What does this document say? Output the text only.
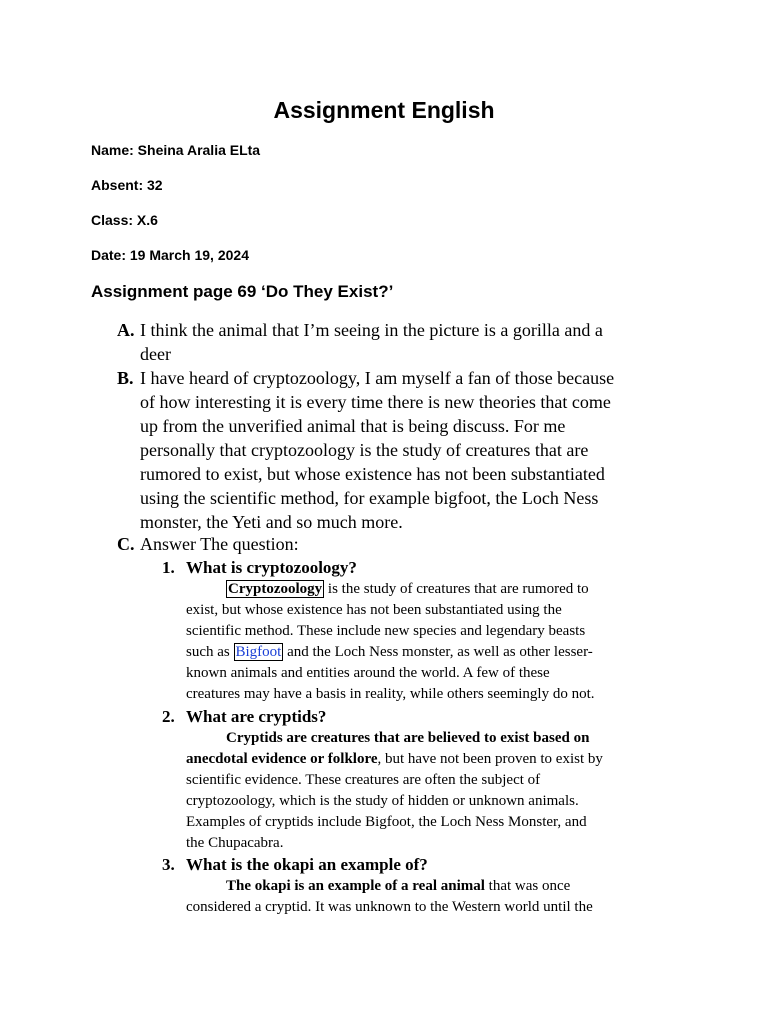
Assignment English
Name: Sheina Aralia ELta
Absent: 32
Class: X.6
Date: 19 March 19, 2024
Assignment page 69 ‘Do They Exist?’
A. I think the animal that I’m seeing in the picture is a gorilla and a
deer
B. I have heard of cryptozoology, I am myself a fan of those because
of how interesting it is every time there is new theories that come
up from the unverified animal that is being discuss. For me
personally that cryptozoology is the study of creatures that are
rumored to exist, but whose existence has not been substantiated
using the scientific method, for example bigfoot, the Loch Ness
monster, the Yeti and so much more.
C. Answer The question:
1. What is cryptozoology?
Cryptozoology is the study of creatures that are rumored to
exist, but whose existence has not been substantiated using the
scientific method. These include new species and legendary beasts
such as Bigfoot and the Loch Ness monster, as well as other lesser-
known animals and entities around the world. A few of these
creatures may have a basis in reality, while others seemingly do not.
2. What are cryptids?
Cryptids are creatures that are believed to exist based on
anecdotal evidence or folklore, but have not been proven to exist by
scientific evidence. These creatures are often the subject of
cryptozoology, which is the study of hidden or unknown animals.
Examples of cryptids include Bigfoot, the Loch Ness Monster, and
the Chupacabra.
3. What is the okapi an example of?
The okapi is an example of a real animal that was once
considered a cryptid. It was unknown to the Western world until the
